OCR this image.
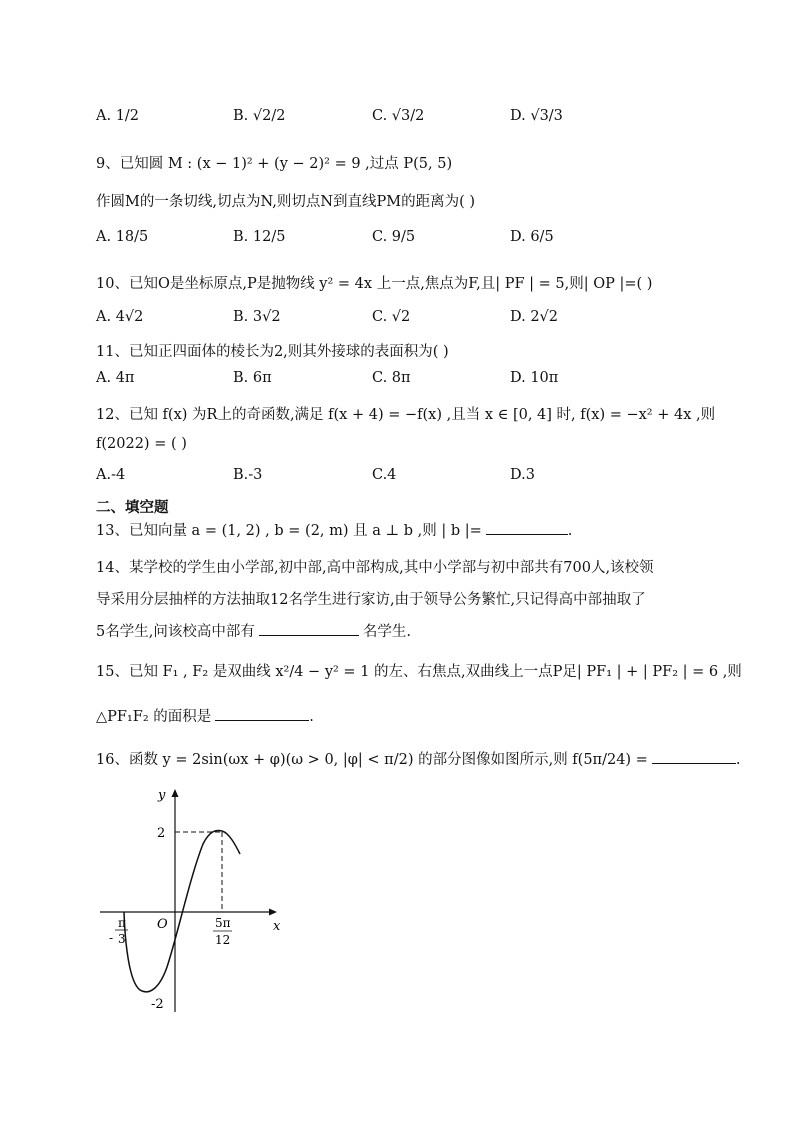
A. 1/2	B. √2/2	C. √3/2	D. √3/3
9、已知圆 M : (x − 1)² + (y − 2)² = 9 ,过点 P(5, 5)
作圆M的一条切线,切点为N,则切点N到直线PM的距离为( )
A. 18/5	B. 12/5	C. 9/5	D. 6/5
10、已知O是坐标原点,P是抛物线 y² = 4x 上一点,焦点为F,且| PF | = 5,则| OP |=( )
A. 4√2	B. 3√2	C. √2	D. 2√2
11、已知正四面体的棱长为2,则其外接球的表面积为( )
A. 4π	B. 6π	C. 8π	D. 10π
12、已知 f(x) 为R上的奇函数,满足 f(x + 4) = −f(x) ,且当 x ∈ [0, 4] 时, f(x) = −x² + 4x ,则
f(2022) = ( )
A.-4	B.-3	C.4	D.3
二、填空题
13、已知向量 a = (1, 2) , b = (2, m) 且 a ⊥ b ,则 | b |=	.
14、某学校的学生由小学部,初中部,高中部构成,其中小学部与初中部共有700人,该校领
导采用分层抽样的方法抽取12名学生进行家访,由于领导公务繁忙,只记得高中部抽取了
5名学生,问该校高中部有	名学生.
15、已知 F₁ , F₂ 是双曲线 x²/4 − y² = 1 的左、右焦点,双曲线上一点P足| PF₁ | + | PF₂ | = 6 ,则
△PF₁F₂ 的面积是	.
16、函数 y = 2sin(ωx + φ)(ω > 0, |φ| < π/2) 的部分图像如图所示,则 f(5π/24) =	.
y
x
O
2
-2
π
- 3
5π
12
